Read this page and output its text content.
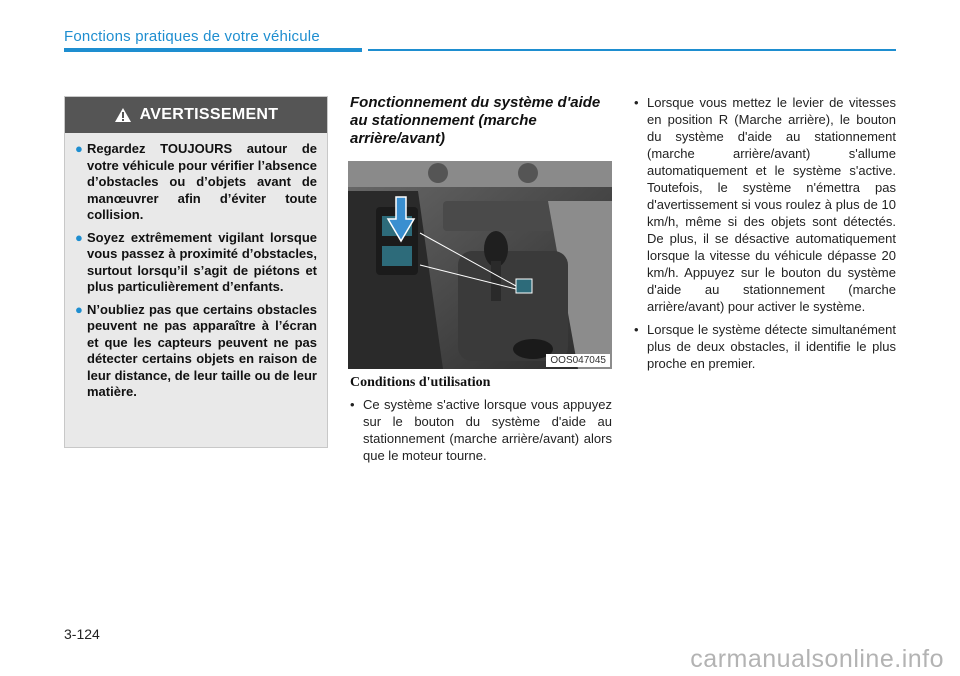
Fonctions pratiques de votre véhicule
AVERTISSEMENT
● Regardez TOUJOURS autour de votre véhicule pour vérifier l’absence d’obstacles ou d’objets avant de manœuvrer afin d’éviter toute collision.
● Soyez extrêmement vigilant lorsque vous passez à proximité d’obstacles, surtout lorsqu’il s’agit de piétons et plus particulièrement d’enfants.
● N’oubliez pas que certains obstacles peuvent ne pas apparaître à l’écran et que les capteurs peuvent ne pas détecter certains objets en raison de leur distance, de leur taille ou de leur matière.
Fonctionnement du système d'aide au stationnement (marche arrière/avant)
OOS047045
Conditions d'utilisation
• Ce système s'active lorsque vous appuyez sur le bouton du système d'aide au stationnement (marche arrière/avant) alors que le moteur tourne.
• Lorsque vous mettez le levier de vitesses en position R (Marche arrière), le bouton du système d'aide au stationnement (marche arrière/avant) s'allume automatiquement et le système s'active. Toutefois, le système n'émettra pas d'avertissement si vous roulez à plus de 10 km/h, même si des objets sont détectés. De plus, il se désactive automatiquement lorsque la vitesse du véhicule dépasse 20 km/h. Appuyez sur le bouton du système d'aide au stationnement (marche arrière/avant) pour activer le système.
• Lorsque le système détecte simultanément plus de deux obstacles, il identifie le plus proche en premier.
3-124
carmanualsonline.info
